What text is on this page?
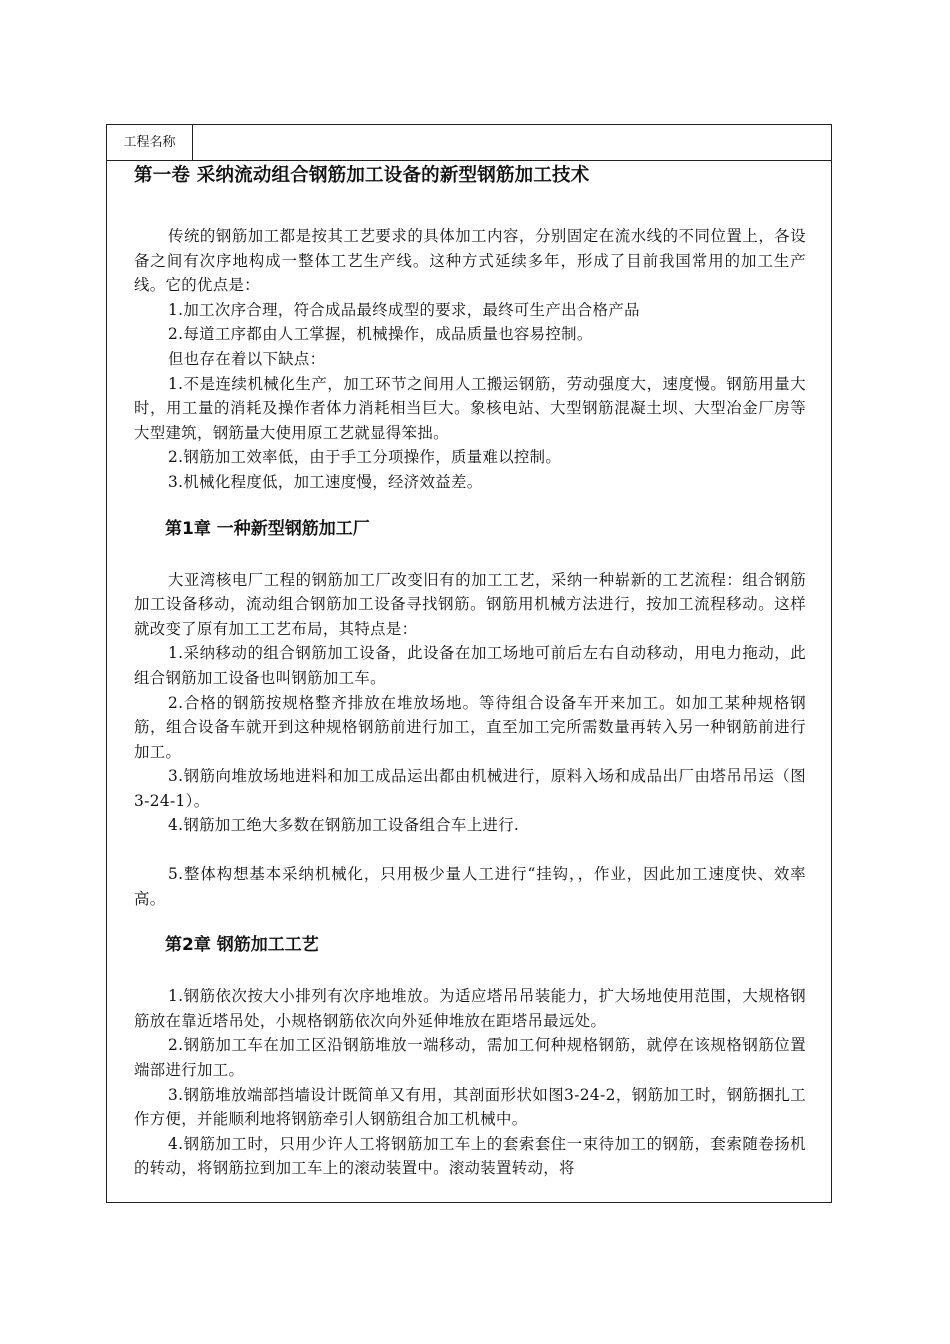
工程名称
第一卷 采纳流动组合钢筋加工设备的新型钢筋加工技术

传统的钢筋加工都是按其工艺要求的具体加工内容，分别固定在流水线的不同位置上，各设备之间有次序地构成一整体工艺生产线。这种方式延续多年，形成了目前我国常用的加工生产线。它的优点是：

1.加工次序合理，符合成品最终成型的要求，最终可生产出合格产品

2.每道工序都由人工掌握，机械操作，成品质量也容易控制。

但也存在着以下缺点：

1.不是连续机械化生产，加工环节之间用人工搬运钢筋，劳动强度大，速度慢。钢筋用量大时，用工量的消耗及操作者体力消耗相当巨大。象核电站、大型钢筋混凝土坝、大型冶金厂房等大型建筑，钢筋量大使用原工艺就显得笨拙。

2.钢筋加工效率低，由于手工分项操作，质量难以控制。

3.机械化程度低，加工速度慢，经济效益差。

第1章 一种新型钢筋加工厂

大亚湾核电厂工程的钢筋加工厂改变旧有的加工工艺，采纳一种崭新的工艺流程：组合钢筋加工设备移动，流动组合钢筋加工设备寻找钢筋。钢筋用机械方法进行，按加工流程移动。这样就改变了原有加工工艺布局，其特点是：

1.采纳移动的组合钢筋加工设备，此设备在加工场地可前后左右自动移动，用电力拖动，此组合钢筋加工设备也叫钢筋加工车。

2.合格的钢筋按规格整齐排放在堆放场地。等待组合设备车开来加工。如加工某种规格钢筋，组合设备车就开到这种规格钢筋前进行加工，直至加工完所需数量再转入另一种钢筋前进行加工。

3.钢筋向堆放场地进料和加工成品运出都由机械进行，原料入场和成品出厂由塔吊吊运（图3-24-1）。

4.钢筋加工绝大多数在钢筋加工设备组合车上进行.

5.整体构想基本采纳机械化，只用极少量人工进行“挂钩，，作业，因此加工速度快、效率高。

第2章 钢筋加工工艺

1.钢筋依次按大小排列有次序地堆放。为适应塔吊吊装能力，扩大场地使用范围，大规格钢筋放在靠近塔吊处，小规格钢筋依次向外延伸堆放在距塔吊最远处。

2.钢筋加工车在加工区沿钢筋堆放一端移动，需加工何种规格钢筋，就停在该规格钢筋位置端部进行加工。

3.钢筋堆放端部挡墙设计既简单又有用，其剖面形状如图3-24-2，钢筋加工时，钢筋捆扎工作方便，并能顺利地将钢筋牵引人钢筋组合加工机械中。

4.钢筋加工时，只用少许人工将钢筋加工车上的套索套住一束待加工的钢筋，套索随卷扬机的转动，将钢筋拉到加工车上的滚动装置中。滚动装置转动，将
